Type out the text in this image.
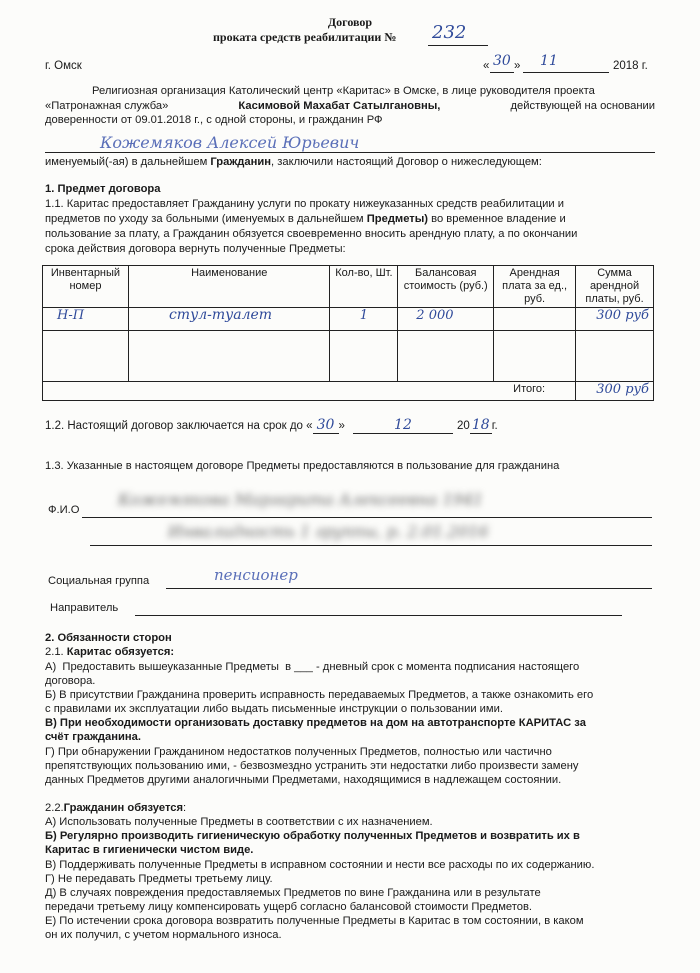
Договор
проката средств реабилитации № 232
г. Омск	« 30 » 11	2018 г.
Религиозная организация Католический центр «Каритас» в Омске, в лице руководителя проекта
«Патронажная служба»	Касимовой Махабат Сатылгановны,	действующей на основании
доверенности от 09.01.2018 г., с одной стороны, и гражданин РФ
Кожемяков Алексей Юрьевич
именуемый(-ая) в дальнейшем Гражданин, заключили настоящий Договор о нижеследующем:
1. Предмет договора
1.1. Каритас предоставляет Гражданину услуги по прокату нижеуказанных средств реабилитации и
предметов по уходу за больными (именуемых в дальнейшем Предметы) во временное владение и
пользование за плату, а Гражданин обязуется своевременно вносить арендную плату, а по окончании
срока действия договора вернуть полученные Предметы:
Инвентарный номер	Наименование	Кол-во, Шт.	Балансовая стоимость (руб.)	Арендная плата за ед., руб.	Сумма арендной платы, руб.
Н-П	стул-туалет	1	2 000		300 руб

Итого:					300 руб
1.2. Настоящий договор заключается на срок до « 30 »	12	20 18 г.
1.3. Указанные в настоящем договоре Предметы предоставляются в пользование для гражданина
Ф.И.О
Кожемякова Маргарита Алексеевна 1941
Инвалидность 1 группы, р. 2.01.2016
Социальная группа	пенсионер
Направитель
2. Обязанности сторон
2.1. Каритас обязуется:
А)  Предоставить вышеуказанные Предметы  в ___ - дневный срок с момента подписания настоящего
договора.
Б) В присутствии Гражданина проверить исправность передаваемых Предметов, а также ознакомить его
с правилами их эксплуатации либо выдать письменные инструкции о пользовании ими.
В) При необходимости организовать доставку предметов на дом на автотранспорте КАРИТАС за
счёт гражданина.
Г) При обнаружении Гражданином недостатков полученных Предметов, полностью или частично
препятствующих пользованию ими, - безвозмездно устранить эти недостатки либо произвести замену
данных Предметов другими аналогичными Предметами, находящимися в надлежащем состоянии.
2.2.Гражданин обязуется:
А) Использовать полученные Предметы в соответствии с их назначением.
Б) Регулярно производить гигиеническую обработку полученных Предметов и возвратить их в
Каритас в гигиенически чистом виде.
В) Поддерживать полученные Предметы в исправном состоянии и нести все расходы по их содержанию.
Г) Не передавать Предметы третьему лицу.
Д) В случаях повреждения предоставляемых Предметов по вине Гражданина или в результате
передачи третьему лицу компенсировать ущерб согласно балансовой стоимости Предметов.
Е) По истечении срока договора возвратить полученные Предметы в Каритас в том состоянии, в каком
он их получил, с учетом нормального износа.
